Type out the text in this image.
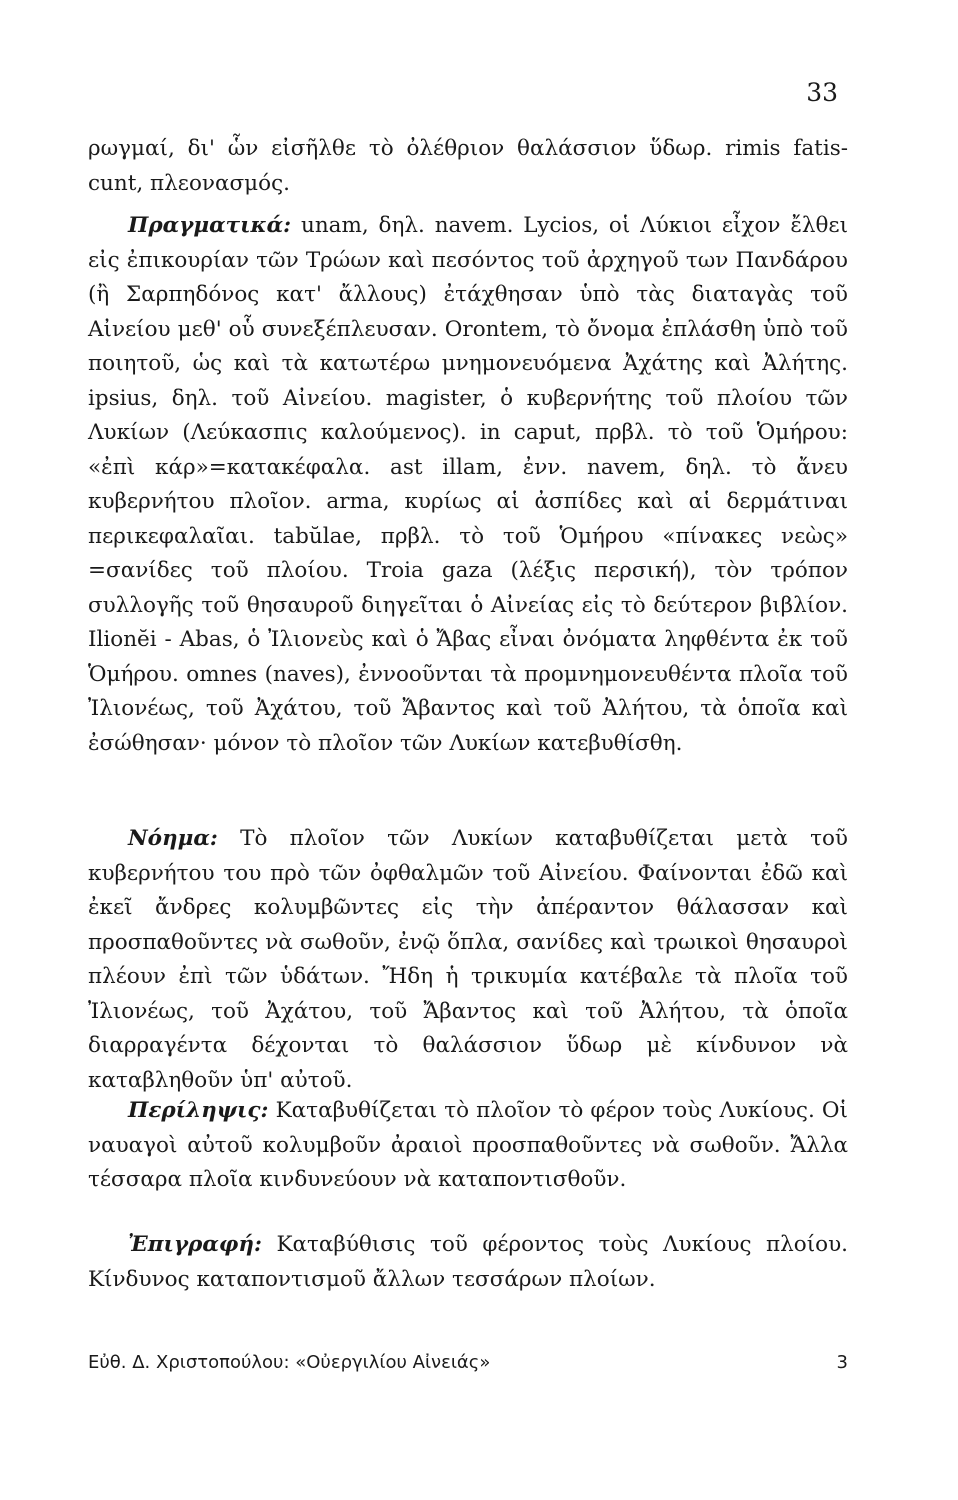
33

ρωγμαί, δι' ὧν εἰσῆλθε τὸ ὀλέθριον θαλάσσιον ὕδωρ. rimis fatis-cunt, πλεονασμός.

Πραγματικά: unam, δηλ. navem. Lycios, οἱ Λύκιοι εἶχον ἔλθει εἰς ἐπικουρίαν τῶν Τρώων καὶ πεσόντος τοῦ ἀρχηγοῦ των Πανδάρου (ἢ Σαρπηδόνος κατ' ἄλλους) ἐτάχθησαν ὑπὸ τὰς διαταγὰς τοῦ Αἰνείου μεθ' οὗ συνεξέπλευσαν. Orontem, τὸ ὄνομα ἐπλάσθη ὑπὸ τοῦ ποιητοῦ, ὡς καὶ τὰ κατωτέρω μνημονευόμενα Ἀχάτης καὶ Ἀλήτης. ipsius, δηλ. τοῦ Αἰνείου. magister, ὁ κυβερνήτης τοῦ πλοίου τῶν Λυκίων (Λεύκασπις καλούμενος). in caput, πρβλ. τὸ τοῦ Ὁμήρου: «ἐπὶ κάρ»=κατακέφαλα. ast illam, ἐνν. navem, δηλ. τὸ ἄνευ κυβερνήτου πλοῖον. arma, κυρίως αἱ ἀσπίδες καὶ αἱ δερμάτιναι περικεφαλαῖαι. tabŭlae, πρβλ. τὸ τοῦ Ὁμήρου «πίνακες νεὼς» =σανίδες τοῦ πλοίου. Troia gaza (λέξις περσική), τὸν τρόπον συλλογῆς τοῦ θησαυροῦ διηγεῖται ὁ Αἰνείας εἰς τὸ δεύτερον βιβλίον. Ilionĕi - Abas, ὁ Ἰλιονεὺς καὶ ὁ Ἄβας εἶναι ὀνόματα ληφθέντα ἐκ τοῦ Ὁμήρου. omnes (naves), ἐννοοῦνται τὰ προμνημονευθέντα πλοῖα τοῦ Ἰλιονέως, τοῦ Ἀχάτου, τοῦ Ἄβαντος καὶ τοῦ Ἀλήτου, τὰ ὁποῖα καὶ ἐσώθησαν· μόνον τὸ πλοῖον τῶν Λυκίων κατεβυθίσθη.

Νόημα: Τὸ πλοῖον τῶν Λυκίων καταβυθίζεται μετὰ τοῦ κυβερνήτου του πρὸ τῶν ὀφθαλμῶν τοῦ Αἰνείου. Φαίνονται ἐδῶ καὶ ἐκεῖ ἄνδρες κολυμβῶντες εἰς τὴν ἀπέραντον θάλασσαν καὶ προσπαθοῦντες νὰ σωθοῦν, ἐνῷ ὅπλα, σανίδες καὶ τρωικοὶ θησαυροὶ πλέουν ἐπὶ τῶν ὑδάτων. Ἤδη ἡ τρικυμία κατέβαλε τὰ πλοῖα τοῦ Ἰλιονέως, τοῦ Ἀχάτου, τοῦ Ἄβαντος καὶ τοῦ Ἀλήτου, τὰ ὁποῖα διαρραγέντα δέχονται τὸ θαλάσσιον ὕδωρ μὲ κίνδυνον νὰ καταβληθοῦν ὑπ' αὐτοῦ.

Περίληψις: Καταβυθίζεται τὸ πλοῖον τὸ φέρον τοὺς Λυκίους. Οἱ ναυαγοὶ αὐτοῦ κολυμβοῦν ἀραιοὶ προσπαθοῦντες νὰ σωθοῦν. Ἄλλα τέσσαρα πλοῖα κινδυνεύουν νὰ καταποντισθοῦν.

Ἐπιγραφή: Καταβύθισις τοῦ φέροντος τοὺς Λυκίους πλοίου. Κίνδυνος καταποντισμοῦ ἄλλων τεσσάρων πλοίων.

Εὐθ. Δ. Χριστοπούλου: «Οὐεργιλίου Αἰνειάς»	3
